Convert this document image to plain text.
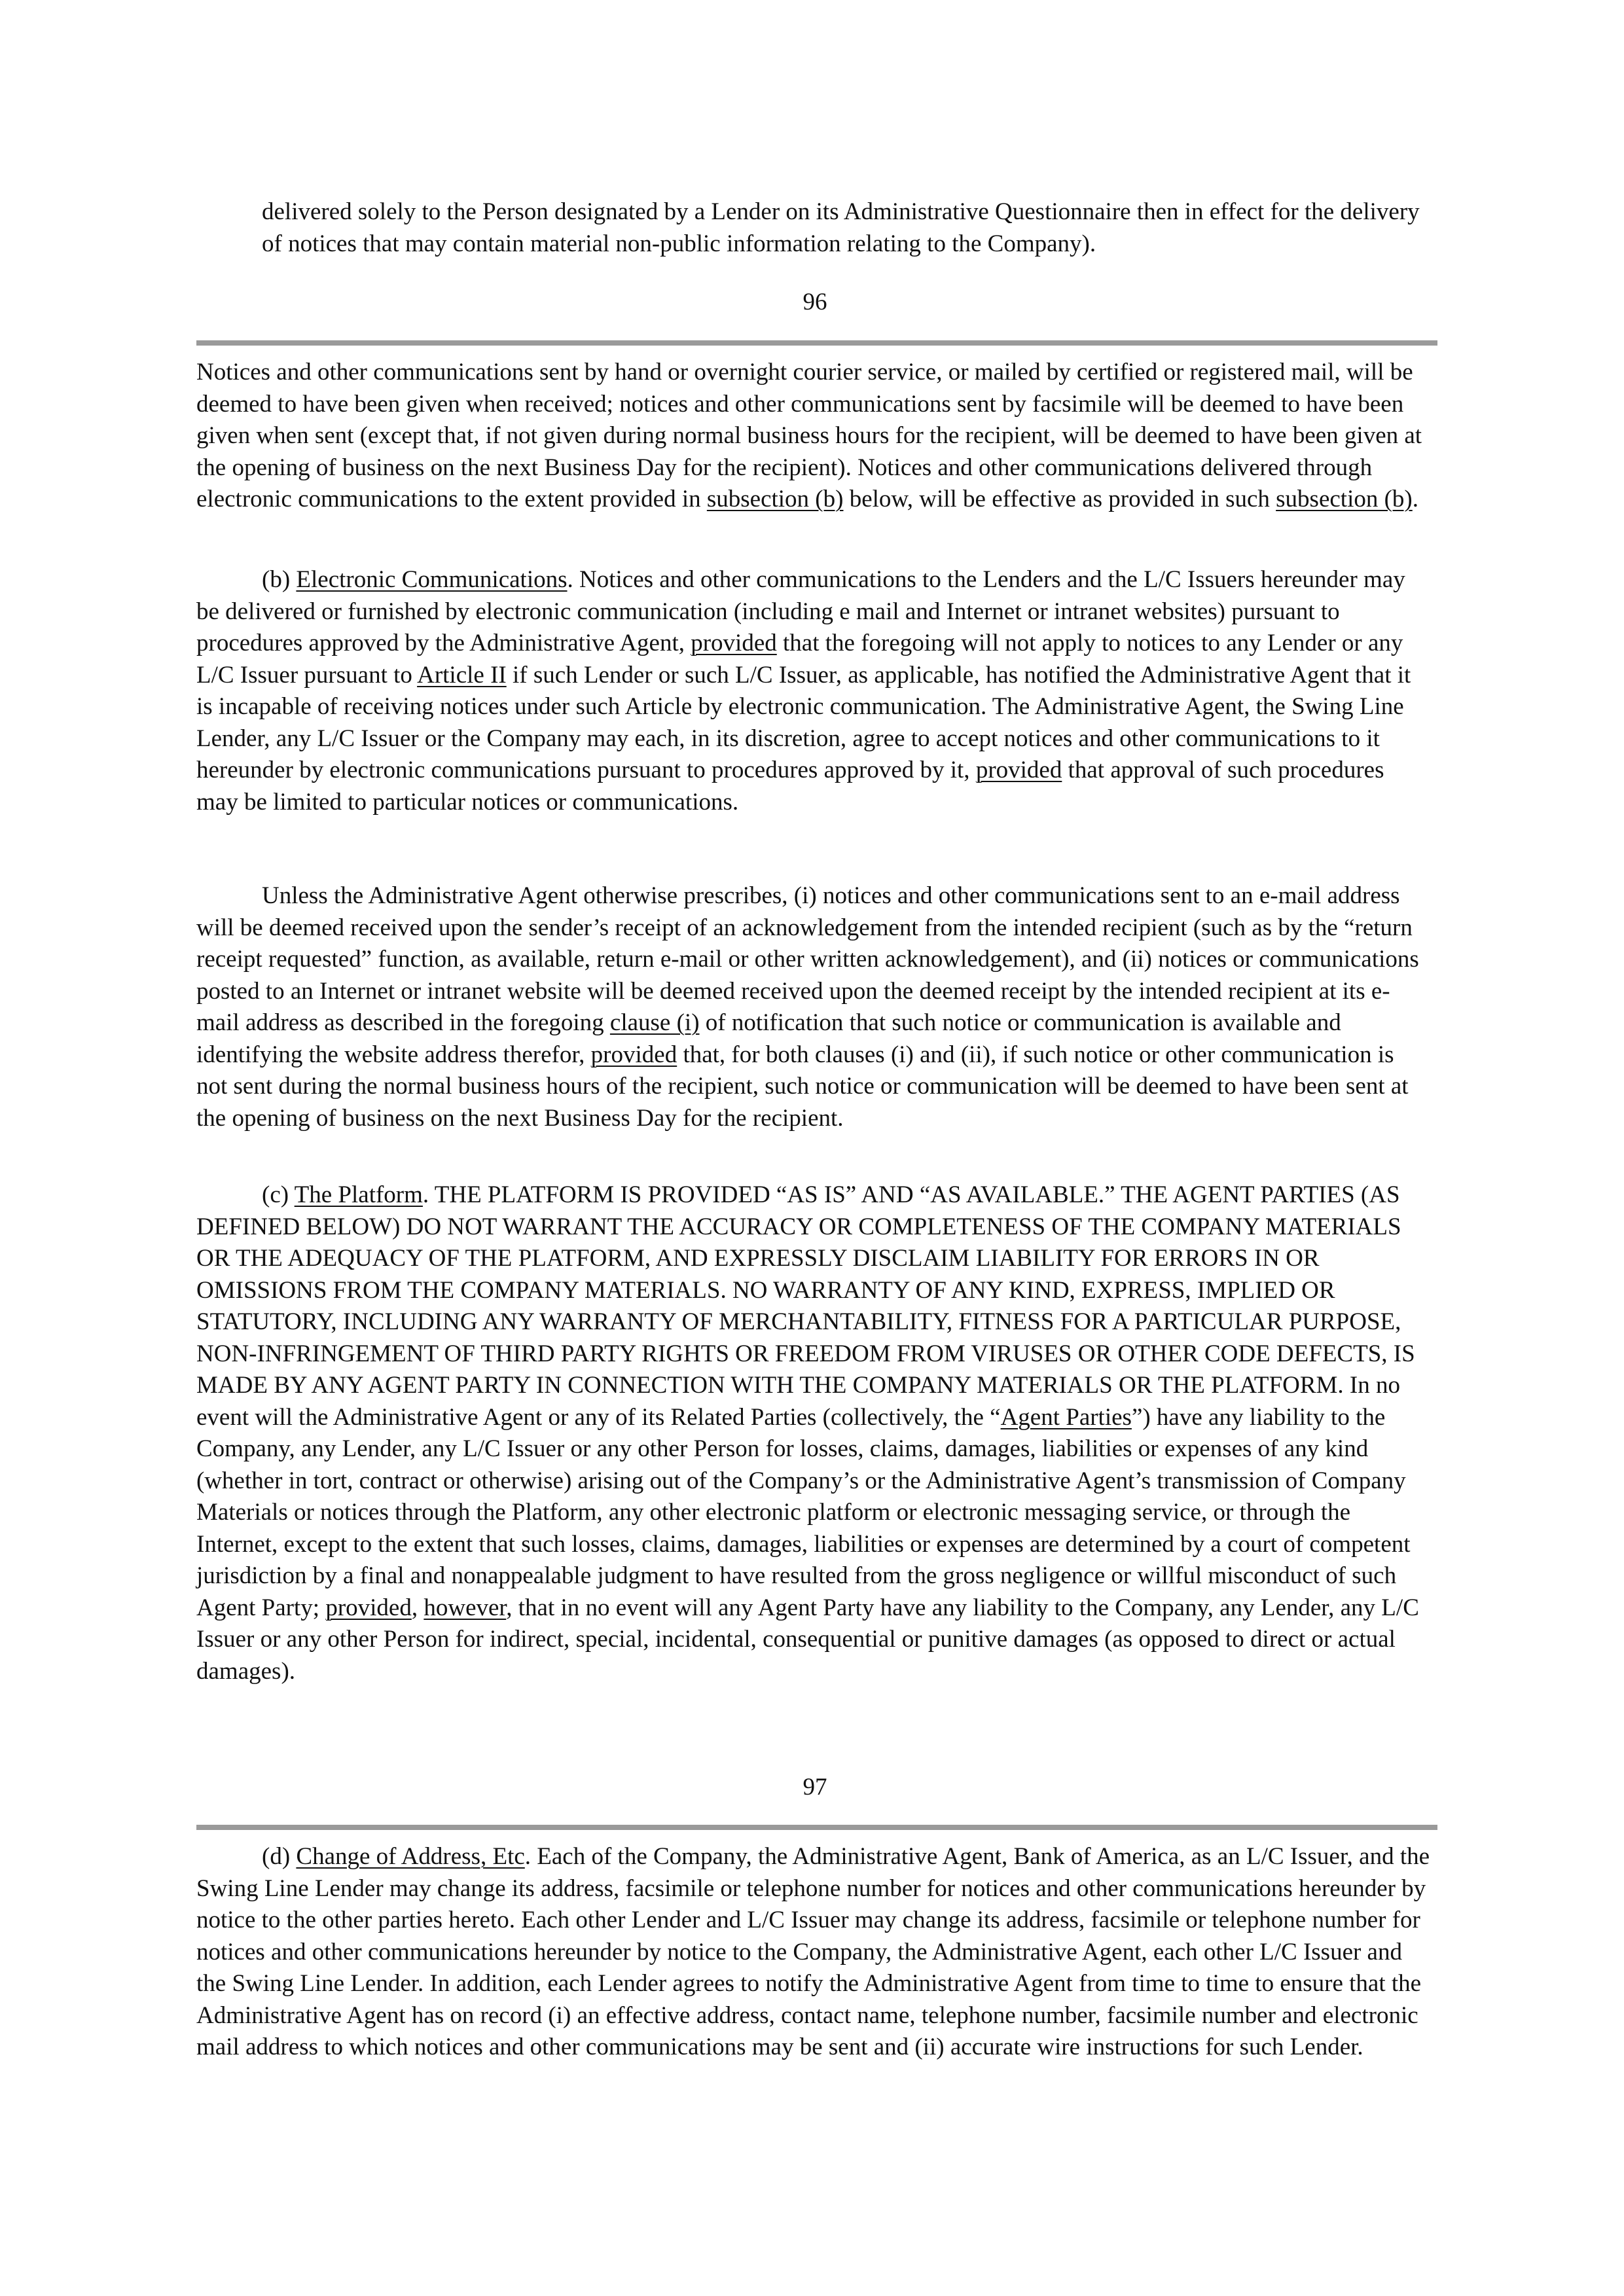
delivered solely to the Person designated by a Lender on its Administrative Questionnaire then in effect for the delivery of notices that may contain material non-public information relating to the Company).

96

Notices and other communications sent by hand or overnight courier service, or mailed by certified or registered mail, will be deemed to have been given when received; notices and other communications sent by facsimile will be deemed to have been given when sent (except that, if not given during normal business hours for the recipient, will be deemed to have been given at the opening of business on the next Business Day for the recipient). Notices and other communications delivered through electronic communications to the extent provided in subsection (b) below, will be effective as provided in such subsection (b).

(b) Electronic Communications. Notices and other communications to the Lenders and the L/C Issuers hereunder may be delivered or furnished by electronic communication (including e mail and Internet or intranet websites) pursuant to procedures approved by the Administrative Agent, provided that the foregoing will not apply to notices to any Lender or any L/C Issuer pursuant to Article II if such Lender or such L/C Issuer, as applicable, has notified the Administrative Agent that it is incapable of receiving notices under such Article by electronic communication. The Administrative Agent, the Swing Line Lender, any L/C Issuer or the Company may each, in its discretion, agree to accept notices and other communications to it hereunder by electronic communications pursuant to procedures approved by it, provided that approval of such procedures may be limited to particular notices or communications.

Unless the Administrative Agent otherwise prescribes, (i) notices and other communications sent to an e-mail address will be deemed received upon the sender’s receipt of an acknowledgement from the intended recipient (such as by the “return receipt requested” function, as available, return e-mail or other written acknowledgement), and (ii) notices or communications posted to an Internet or intranet website will be deemed received upon the deemed receipt by the intended recipient at its e-mail address as described in the foregoing clause (i) of notification that such notice or communication is available and identifying the website address therefor, provided that, for both clauses (i) and (ii), if such notice or other communication is not sent during the normal business hours of the recipient, such notice or communication will be deemed to have been sent at the opening of business on the next Business Day for the recipient.

(c) The Platform. THE PLATFORM IS PROVIDED “AS IS” AND “AS AVAILABLE.” THE AGENT PARTIES (AS DEFINED BELOW) DO NOT WARRANT THE ACCURACY OR COMPLETENESS OF THE COMPANY MATERIALS OR THE ADEQUACY OF THE PLATFORM, AND EXPRESSLY DISCLAIM LIABILITY FOR ERRORS IN OR OMISSIONS FROM THE COMPANY MATERIALS. NO WARRANTY OF ANY KIND, EXPRESS, IMPLIED OR STATUTORY, INCLUDING ANY WARRANTY OF MERCHANTABILITY, FITNESS FOR A PARTICULAR PURPOSE, NON-INFRINGEMENT OF THIRD PARTY RIGHTS OR FREEDOM FROM VIRUSES OR OTHER CODE DEFECTS, IS MADE BY ANY AGENT PARTY IN CONNECTION WITH THE COMPANY MATERIALS OR THE PLATFORM. In no event will the Administrative Agent or any of its Related Parties (collectively, the “Agent Parties”) have any liability to the Company, any Lender, any L/C Issuer or any other Person for losses, claims, damages, liabilities or expenses of any kind (whether in tort, contract or otherwise) arising out of the Company’s or the Administrative Agent’s transmission of Company Materials or notices through the Platform, any other electronic platform or electronic messaging service, or through the Internet, except to the extent that such losses, claims, damages, liabilities or expenses are determined by a court of competent jurisdiction by a final and nonappealable judgment to have resulted from the gross negligence or willful misconduct of such Agent Party; provided, however, that in no event will any Agent Party have any liability to the Company, any Lender, any L/C Issuer or any other Person for indirect, special, incidental, consequential or punitive damages (as opposed to direct or actual damages).

97

(d) Change of Address, Etc. Each of the Company, the Administrative Agent, Bank of America, as an L/C Issuer, and the Swing Line Lender may change its address, facsimile or telephone number for notices and other communications hereunder by notice to the other parties hereto. Each other Lender and L/C Issuer may change its address, facsimile or telephone number for notices and other communications hereunder by notice to the Company, the Administrative Agent, each other L/C Issuer and the Swing Line Lender. In addition, each Lender agrees to notify the Administrative Agent from time to time to ensure that the Administrative Agent has on record (i) an effective address, contact name, telephone number, facsimile number and electronic mail address to which notices and other communications may be sent and (ii) accurate wire instructions for such Lender.
